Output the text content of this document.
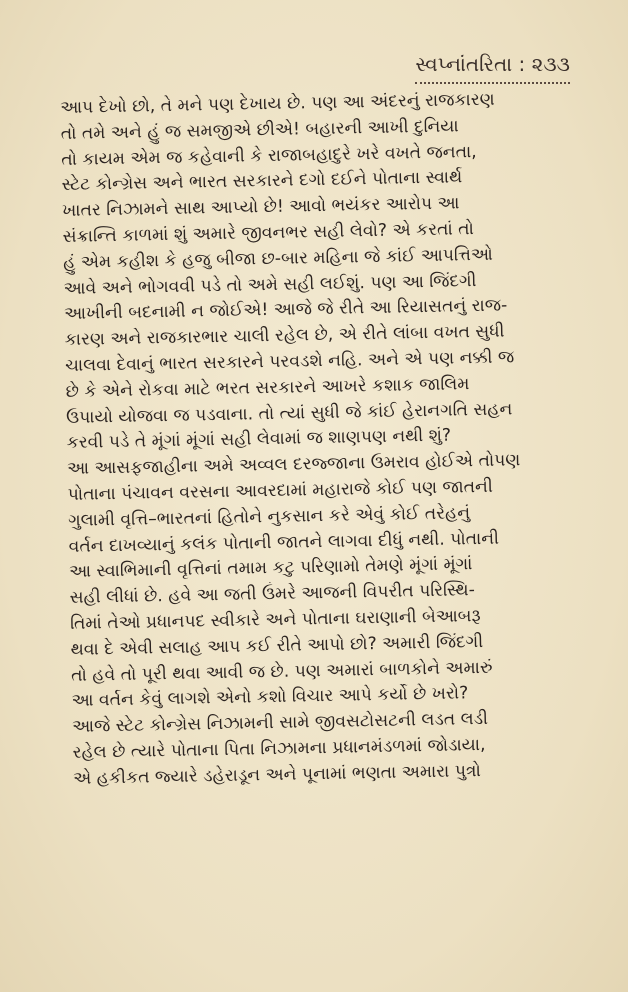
સ્વપ્નાંતરિતા : ૨૩૩
આપ દેખો છો, તે મને પણ દેખાય છે. પણ આ અંદરનું રાજકારણ
તો તમે અને હું જ સમજીએ છીએ! બહારની આખી દુનિયા
તો કાયમ એમ જ કહેવાની કે રાજાબહાદુરે ખરે વખતે જનતા,
સ્ટેટ કોન્ગ્રેસ અને ભારત સરકારને દગો દઈને પોતાના સ્વાર્થ
ખાતર નિઝામને સાથ આપ્યો છે! આવો ભયંકર આરોપ આ
સંક્રાન્તિ કાળમાં શું અમારે જીવનભર સહી લેવો? એ કરતાં તો
હું એમ કહીશ કે હજુ બીજા છ-બાર મહિના જે કાંઈ આપત્તિઓ
આવે અને ભોગવવી પડે તો અમે સહી લઈશું. પણ આ જિંદગી
આખીની બદનામી ન જોઈએ! આજે જે રીતે આ રિયાસતનું રાજ-
કારણ અને રાજકારભાર ચાલી રહેલ છે, એ રીતે લાંબા વખત સુધી
ચાલવા દેવાનું ભારત સરકારને પરવડશે નહિ. અને એ પણ નક્કી જ
છે કે એને રોકવા માટે ભરત સરકારને આખરે કશાક જાલિમ
ઉપાયો યોજવા જ પડવાના. તો ત્યાં સુધી જે કાંઈ હેરાનગતિ સહન
કરવી પડે તે મૂંગાં મૂંગાં સહી લેવામાં જ શાણપણ નથી શું?
આ આસફજાહીના અમે અવ્વલ દરજ્જાના ઉમરાવ હોઈએ તોપણ
પોતાના પંચાવન વરસના આવરદામાં મહારાજે કોઈ પણ જાતની
ગુલામી વૃત્તિ–ભારતનાં હિતોને નુકસાન કરે એવું કોઈ તરેહનું
વર્તન દાખવ્યાનું કલંક પોતાની જાતને લાગવા દીધું નથી. પોતાની
આ સ્વાભિમાની વૃત્તિનાં તમામ કટુ પરિણામો તેમણે મૂંગાં મૂંગાં
સહી લીધાં છે. હવે આ જતી ઉંમરે આજની વિપરીત પરિસ્થિ-
તિમાં તેઓ પ્રધાનપદ સ્વીકારે અને પોતાના ઘરાણાની બેઆબરૂ
થવા દે એવી સલાહ આપ કઈ રીતે આપો છો? અમારી જિંદગી
તો હવે તો પૂરી થવા આવી જ છે. પણ અમારાં બાળકોને અમારું
આ વર્તન કેવું લાગશે એનો કશો વિચાર આપે કર્યો છે ખરો?
આજે સ્ટેટ કોન્ગ્રેસ નિઝામની સામે જીવસટોસટની લડત લડી
રહેલ છે ત્યારે પોતાના પિતા નિઝામના પ્રધાનમંડળમાં જોડાયા,
એ હકીકત જ્યારે ડહેરાડૂન અને પૂનામાં ભણતા અમારા પુત્રો
